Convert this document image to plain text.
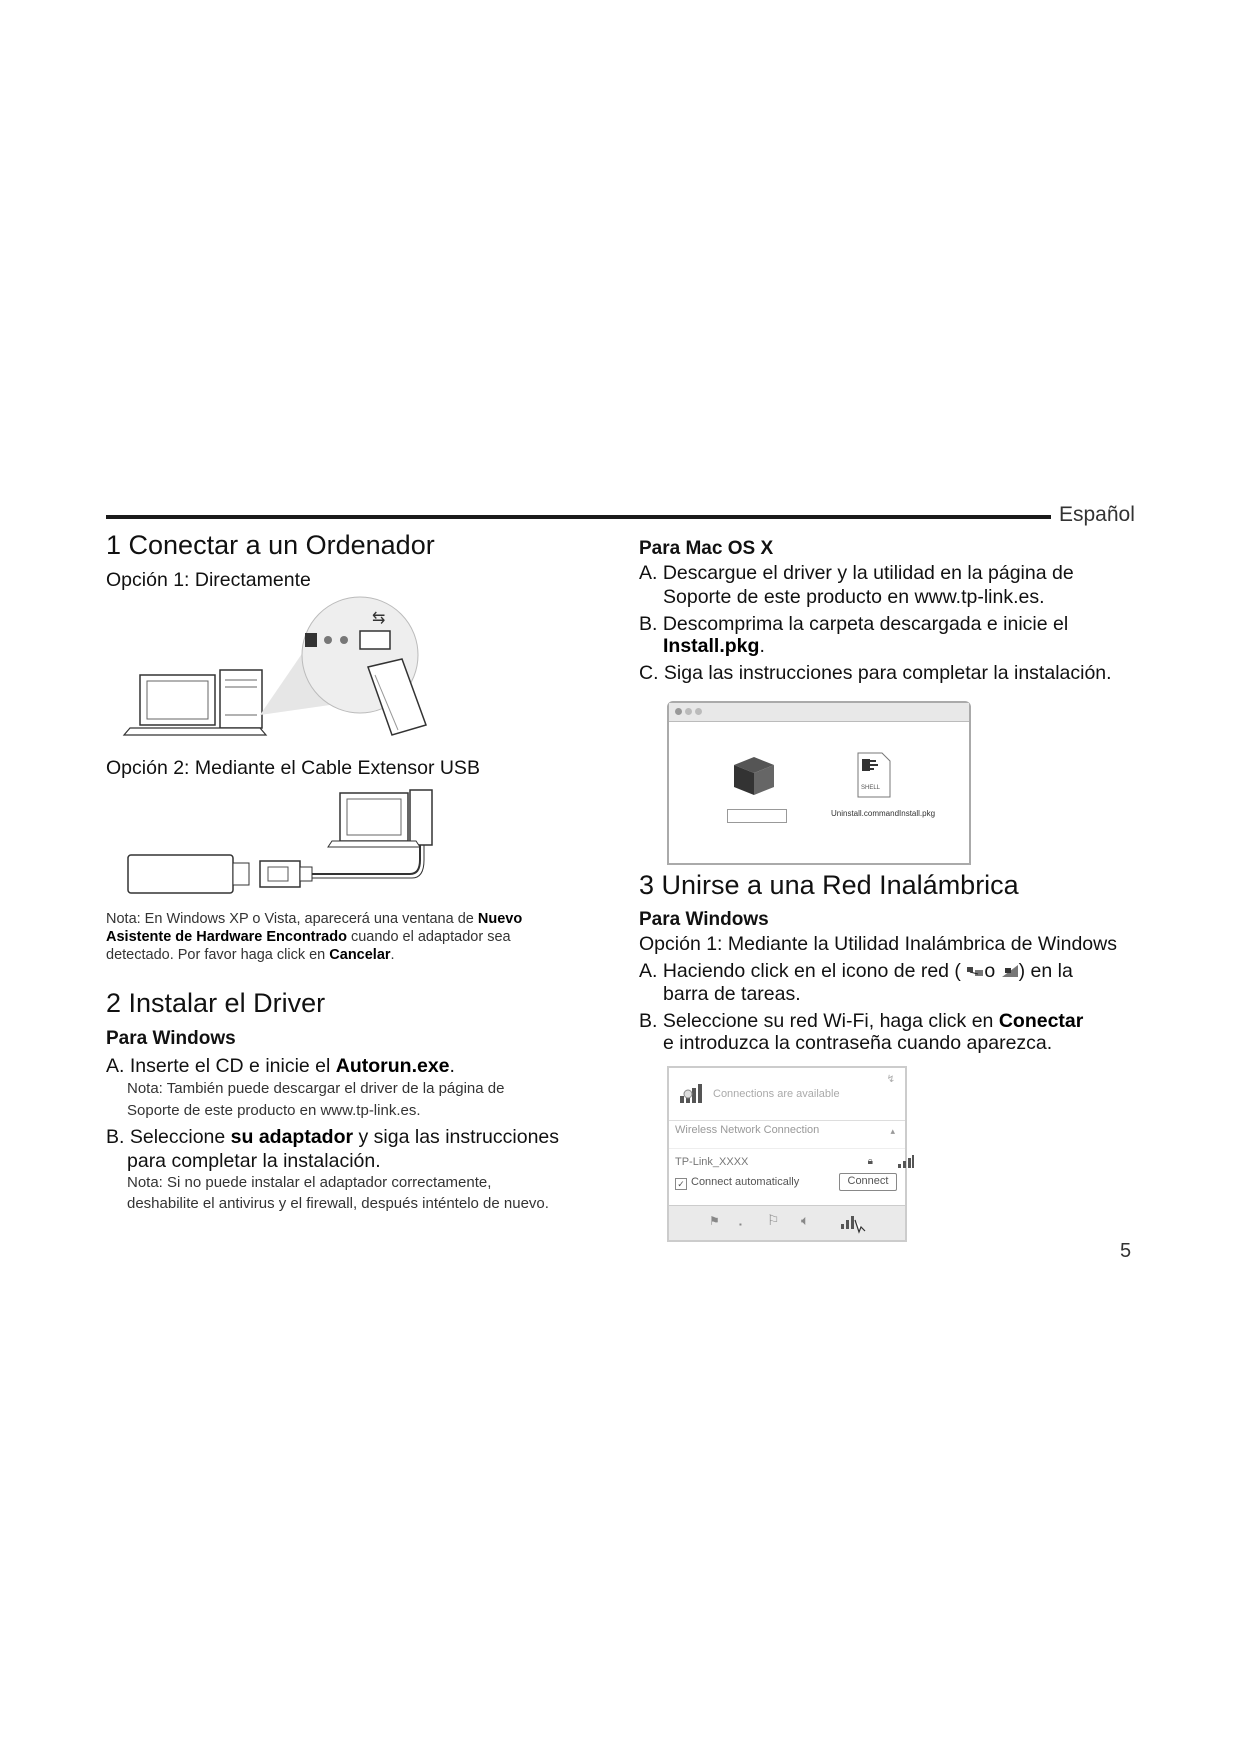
Español
1 Conectar a un Ordenador
Opción 1: Directamente
⇆
Opción 2: Mediante el Cable Extensor USB
Nota: En Windows XP o Vista, aparecerá una ventana de Nuevo Asistente de Hardware Encontrado cuando el adaptador sea detectado. Por favor haga click en Cancelar.
2 Instalar el Driver
Para Windows
A. Inserte el CD e inicie el Autorun.exe.
Nota: También puede descargar el driver de la página de
Soporte de este producto en www.tp-link.es.
B. Seleccione su adaptador y siga las instrucciones
para completar la instalación.
Nota: Si no puede instalar el adaptador correctamente,
deshabilite el antivirus y el firewall, después inténtelo de nuevo.
Para Mac OS X
A. Descargue el driver y la utilidad en la página de
Soporte de este producto en www.tp-link.es.
B. Descomprima la carpeta descargada e inicie el
Install.pkg.
C. Siga las instrucciones para completar la instalación.
SHELL
Uninstall.commandInstall.pkg
3 Unirse a una Red Inalámbrica
Para Windows
Opción 1: Mediante la Utilidad Inalámbrica de Windows
A. Haciendo click en el icono de red ( o ) en la
barra de tareas.
B. Seleccione su red Wi-Fi, haga click en Conectar
e introduzca la contraseña cuando aparezca.
Connections are available
↯
Wireless Network Connection	▴
TP-Link_XXXX	🔒︎
✓ Connect automatically	Connect
⚑ ▪ ⚐ 🔈︎
5
